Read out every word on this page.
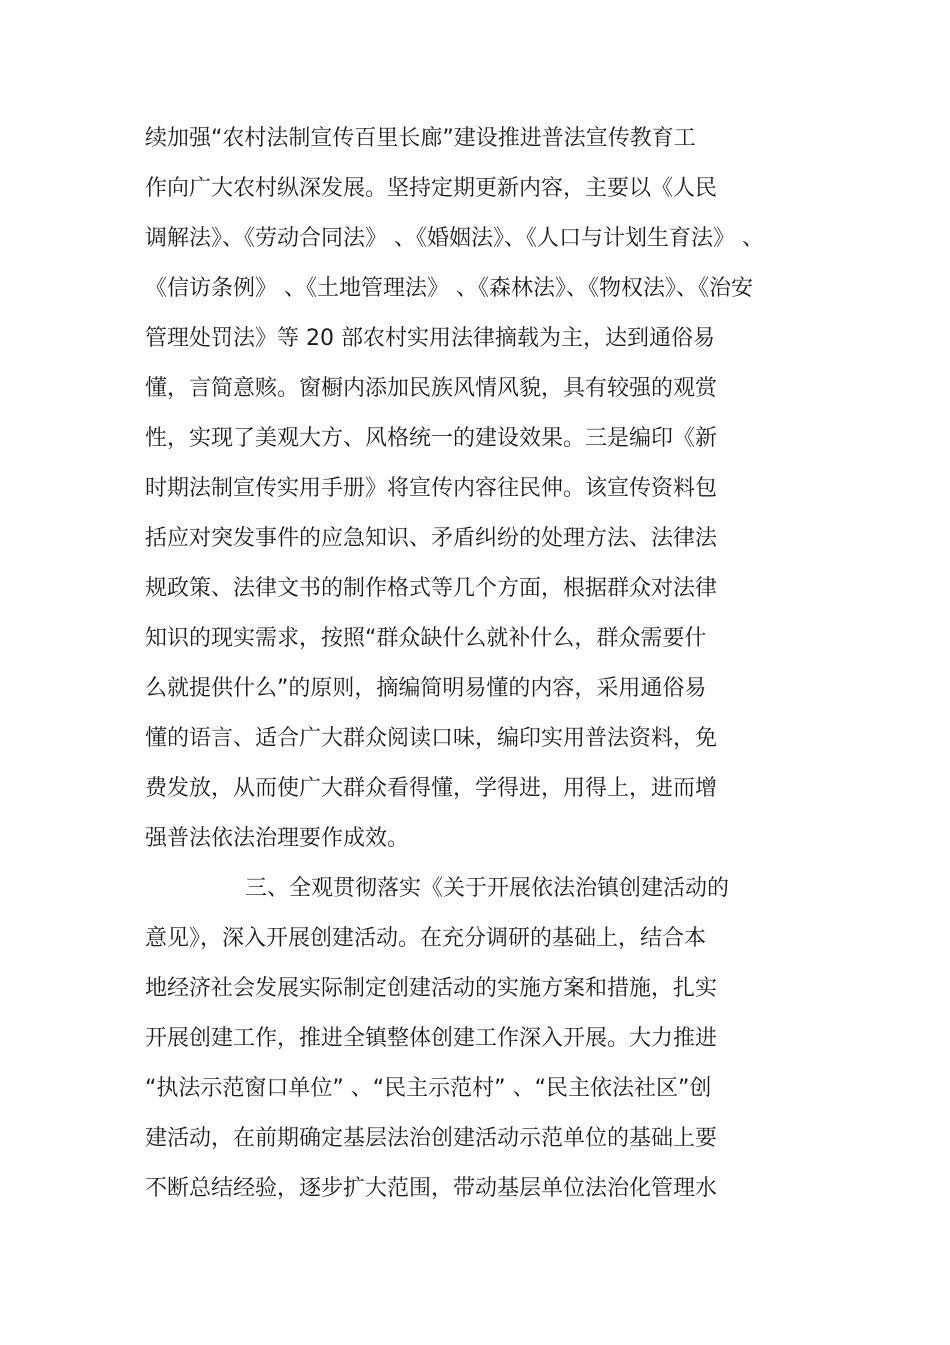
续加强“农村法制宣传百里长廊”建设推进普法宣传教育工
作向广大农村纵深发展。坚持定期更新内容，主要以《人民
调解法》、《劳动合同法》 、《婚姻法》、《人口与计划生育法》 、
《信访条例》 、《土地管理法》 、《森林法》、《物权法》、《治安
管理处罚法》等 20 部农村实用法律摘载为主，达到通俗易
懂，言简意赅。窗橱内添加民族风情风貌，具有较强的观赏
性，实现了美观大方、风格统一的建设效果。三是编印《新
时期法制宣传实用手册》将宣传内容往民伸。该宣传资料包
括应对突发事件的应急知识、矛盾纠纷的处理方法、法律法
规政策、法律文书的制作格式等几个方面，根据群众对法律
知识的现实需求，按照“群众缺什么就补什么，群众需要什
么就提供什么”的原则，摘编简明易懂的内容，采用通俗易
懂的语言、适合广大群众阅读口味，编印实用普法资料，免
费发放，从而使广大群众看得懂，学得进，用得上，进而增
强普法依法治理要作成效。
三、全观贯彻落实《关于开展依法治镇创建活动的
意见》，深入开展创建活动。在充分调研的基础上，结合本
地经济社会发展实际制定创建活动的实施方案和措施，扎实
开展创建工作，推进全镇整体创建工作深入开展。大力推进
“执法示范窗口单位” 、“民主示范村” 、“民主依法社区”创
建活动，在前期确定基层法治创建活动示范单位的基础上要
不断总结经验，逐步扩大范围，带动基层单位法治化管理水
